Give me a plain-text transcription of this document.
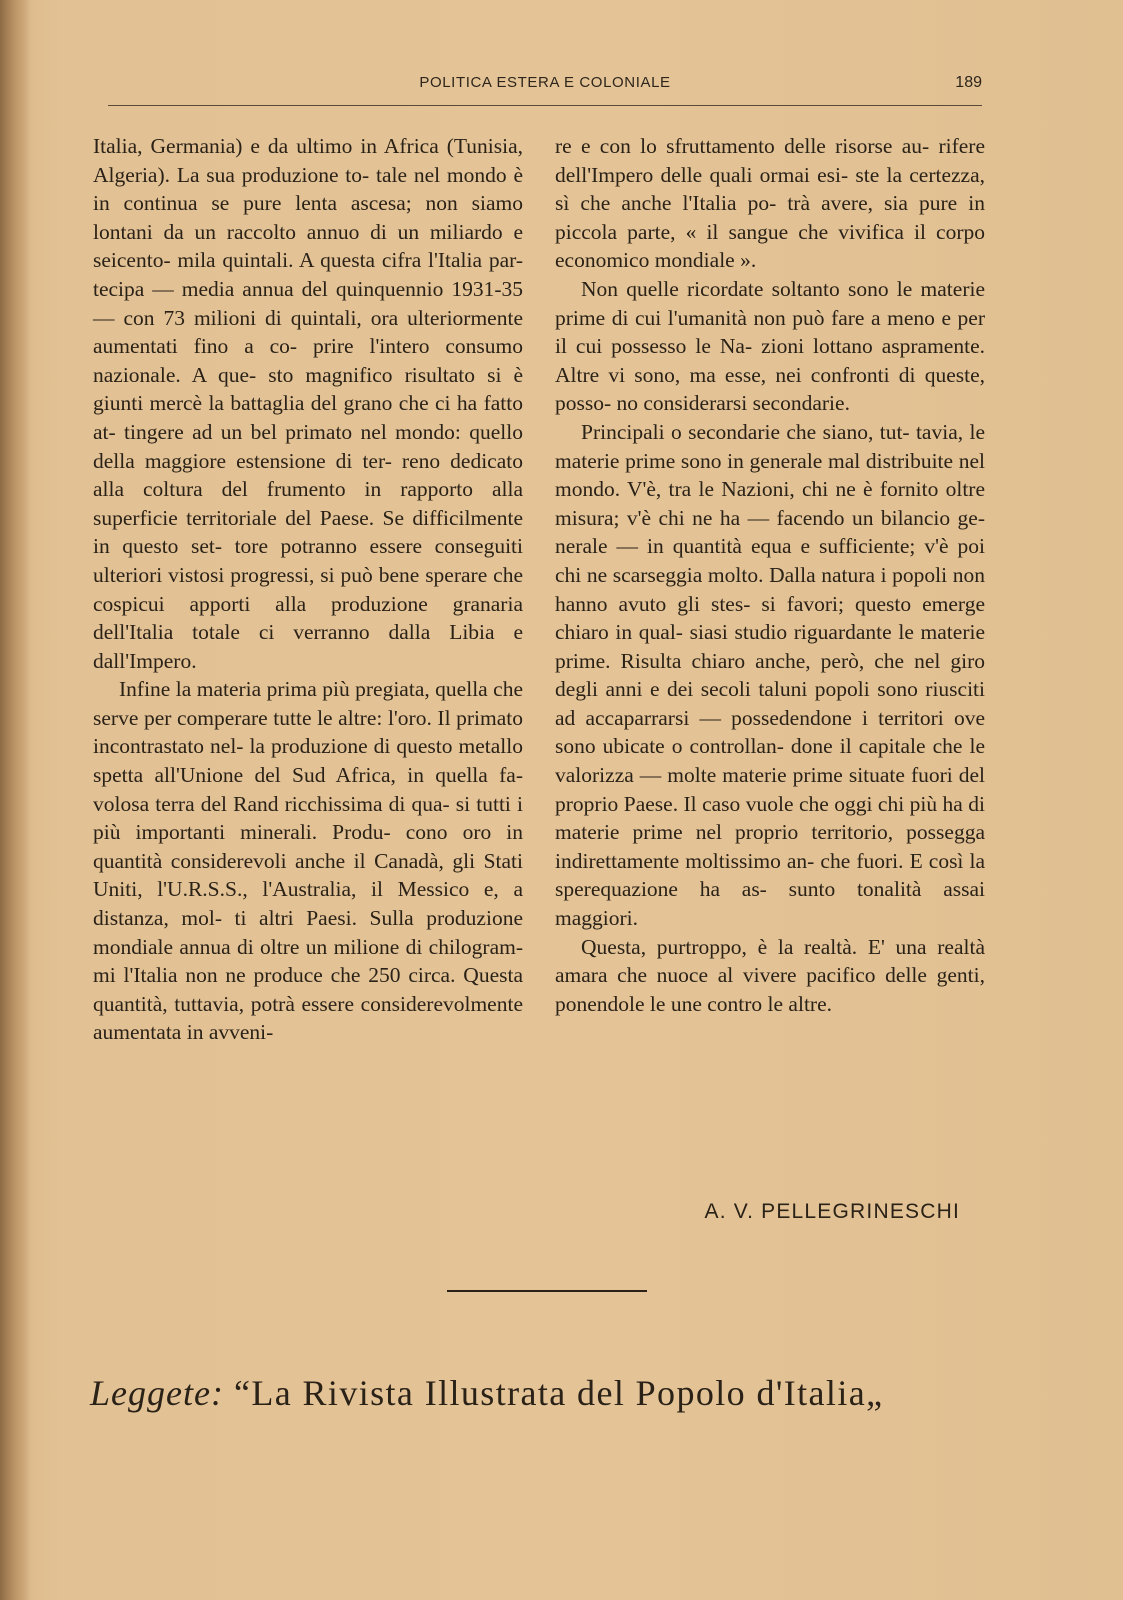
POLITICA ESTERA E COLONIALE	189

Italia, Germania) e da ultimo in Africa (Tunisia, Algeria). La sua produzione to- tale nel mondo è in continua se pure lenta ascesa; non siamo lontani da un raccolto annuo di un miliardo e seicento- mila quintali. A questa cifra l'Italia par- tecipa — media annua del quinquennio 1931-35 — con 73 milioni di quintali, ora ulteriormente aumentati fino a co- prire l'intero consumo nazionale. A que- sto magnifico risultato si è giunti mercè la battaglia del grano che ci ha fatto at- tingere ad un bel primato nel mondo: quello della maggiore estensione di ter- reno dedicato alla coltura del frumento in rapporto alla superficie territoriale del Paese. Se difficilmente in questo set- tore potranno essere conseguiti ulteriori vistosi progressi, si può bene sperare che cospicui apporti alla produzione granaria dell'Italia totale ci verranno dalla Libia e dall'Impero.

Infine la materia prima più pregiata, quella che serve per comperare tutte le altre: l'oro. Il primato incontrastato nel- la produzione di questo metallo spetta all'Unione del Sud Africa, in quella fa- volosa terra del Rand ricchissima di qua- si tutti i più importanti minerali. Produ- cono oro in quantità considerevoli anche il Canadà, gli Stati Uniti, l'U.R.S.S., l'Australia, il Messico e, a distanza, mol- ti altri Paesi. Sulla produzione mondiale annua di oltre un milione di chilogram- mi l'Italia non ne produce che 250 circa. Questa quantità, tuttavia, potrà essere considerevolmente aumentata in avveni-

re e con lo sfruttamento delle risorse au- rifere dell'Impero delle quali ormai esi- ste la certezza, sì che anche l'Italia po- trà avere, sia pure in piccola parte, « il sangue che vivifica il corpo economico mondiale ».

Non quelle ricordate soltanto sono le materie prime di cui l'umanità non può fare a meno e per il cui possesso le Na- zioni lottano aspramente. Altre vi sono, ma esse, nei confronti di queste, posso- no considerarsi secondarie.

Principali o secondarie che siano, tut- tavia, le materie prime sono in generale mal distribuite nel mondo. V'è, tra le Nazioni, chi ne è fornito oltre misura; v'è chi ne ha — facendo un bilancio ge- nerale — in quantità equa e sufficiente; v'è poi chi ne scarseggia molto. Dalla natura i popoli non hanno avuto gli stes- si favori; questo emerge chiaro in qual- siasi studio riguardante le materie prime. Risulta chiaro anche, però, che nel giro degli anni e dei secoli taluni popoli sono riusciti ad accaparrarsi — possedendone i territori ove sono ubicate o controllan- done il capitale che le valorizza — molte materie prime situate fuori del proprio Paese. Il caso vuole che oggi chi più ha di materie prime nel proprio territorio, possegga indirettamente moltissimo an- che fuori. E così la sperequazione ha as- sunto tonalità assai maggiori.

Questa, purtroppo, è la realtà. E' una realtà amara che nuoce al vivere pacifico delle genti, ponendole le une contro le altre.

A. V. PELLEGRINESCHI
Leggete: “La Rivista Illustrata del Popolo d'Italia„
